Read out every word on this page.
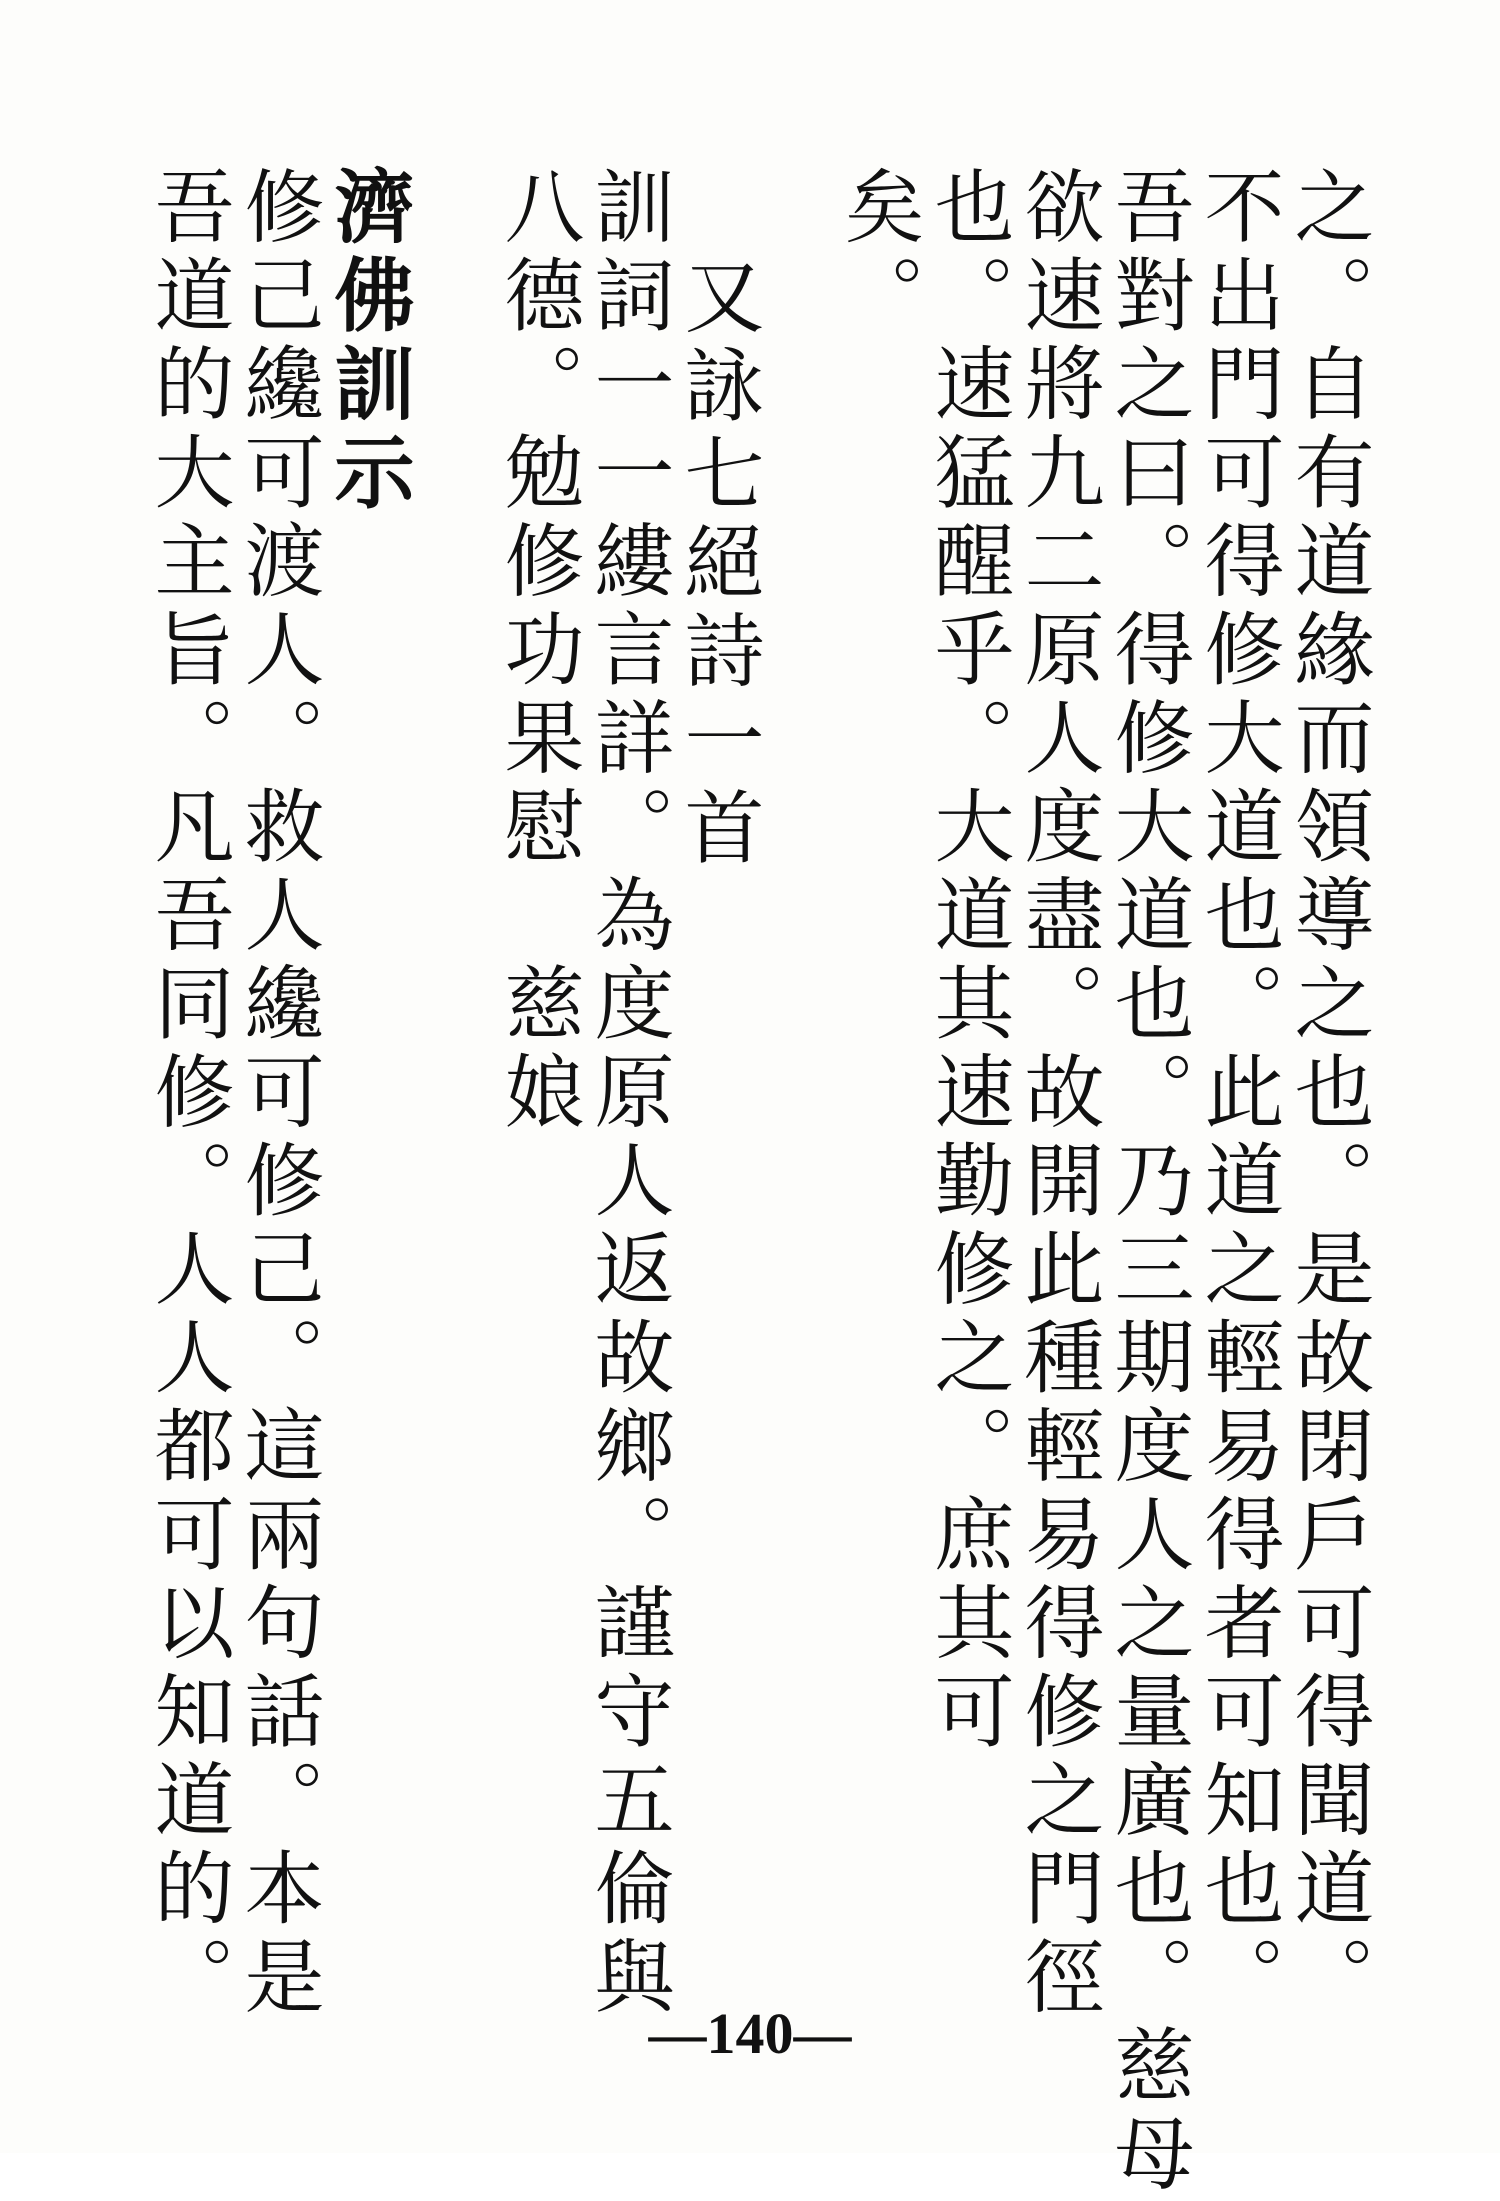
之。自有道緣而領導之也。是故閉戶可得聞道。
不出門可得修大道也。此道之輕易得者可知也。
吾對之曰。得修大道也。乃三期度人之量廣也。慈母
欲速將九二原人度盡。故開此種輕易得修之門徑
也。速猛醒乎。大道其速勤修之。庶其可
矣。
又詠七絕詩一首
訓詞一一縷言詳。為度原人返故鄉。謹守五倫與
八德。勉修功果慰　慈娘
濟佛訓示
修己纔可渡人。救人纔可修己。這兩句話。本是
吾道的大主旨。凡吾同修。人人都可以知道的。
—140—
